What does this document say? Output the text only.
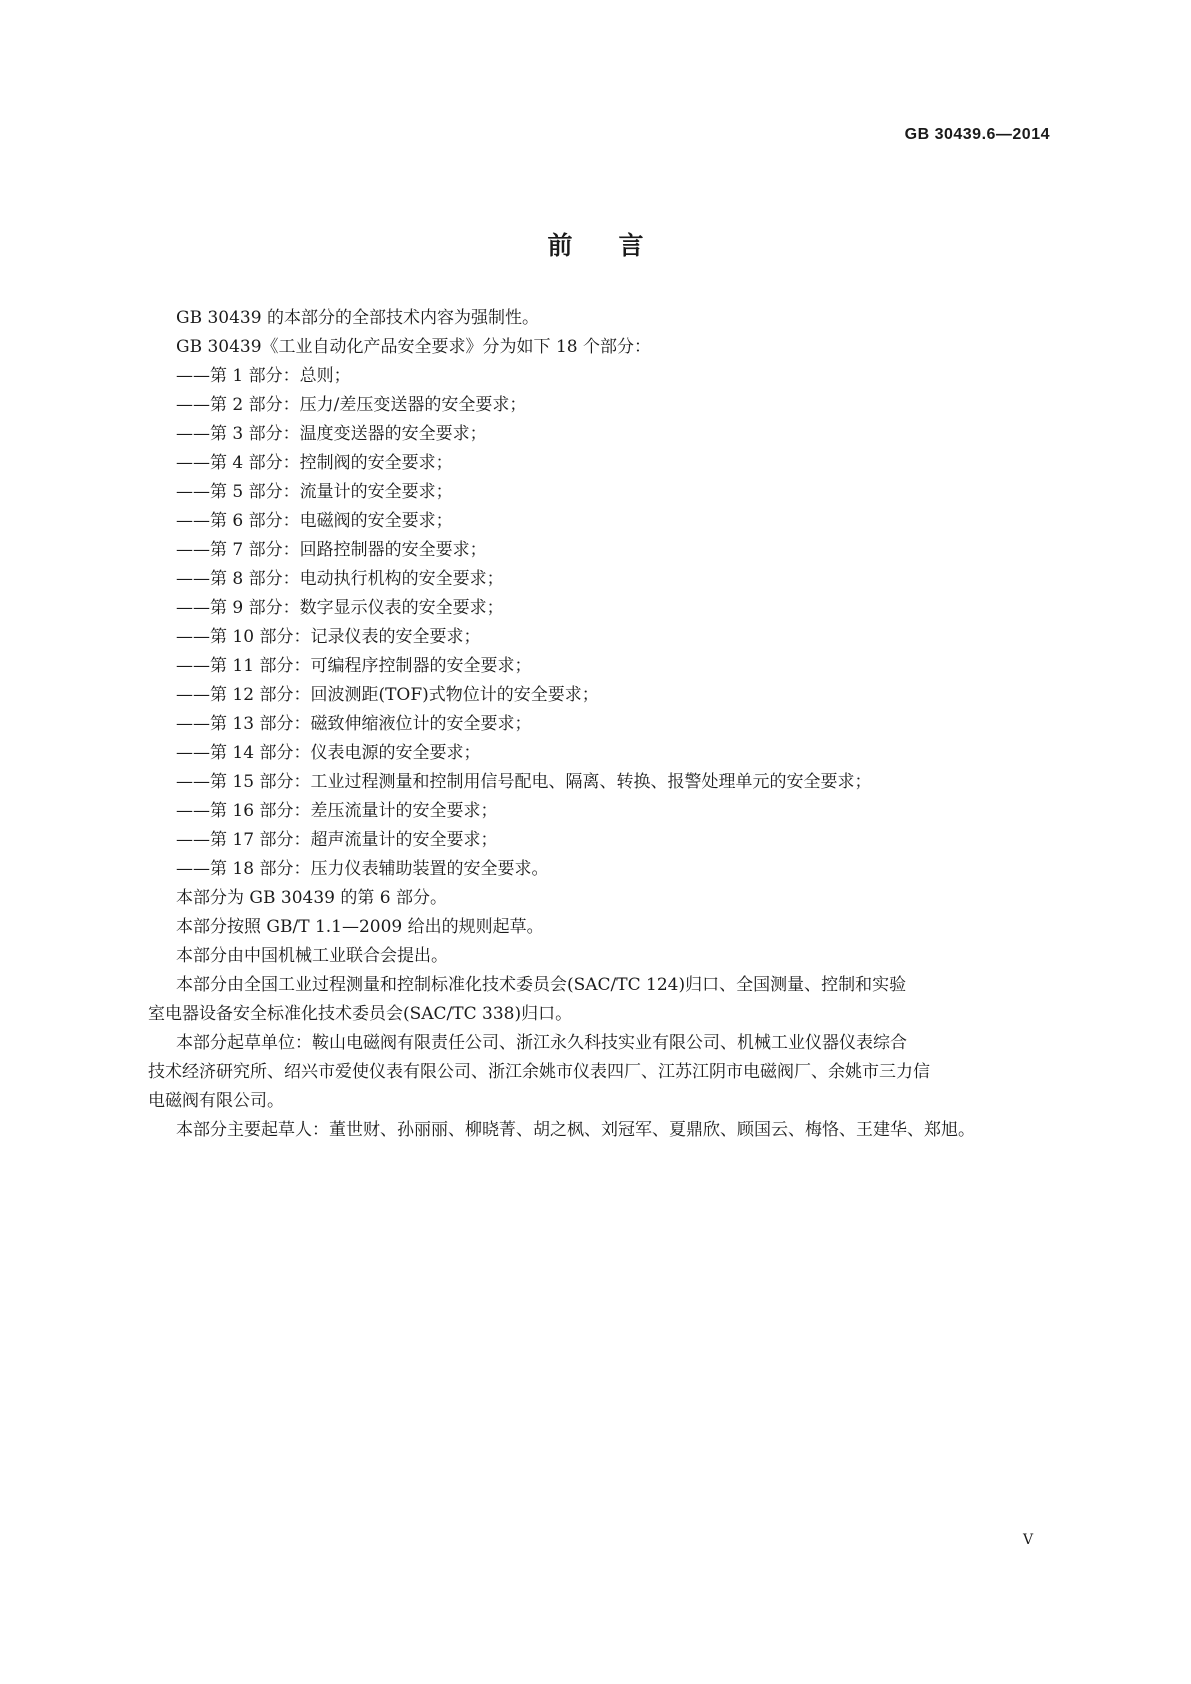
GB 30439.6—2014
前言
GB 30439 的本部分的全部技术内容为强制性。
GB 30439《工业自动化产品安全要求》分为如下 18 个部分：
——第 1 部分：总则；
——第 2 部分：压力/差压变送器的安全要求；
——第 3 部分：温度变送器的安全要求；
——第 4 部分：控制阀的安全要求；
——第 5 部分：流量计的安全要求；
——第 6 部分：电磁阀的安全要求；
——第 7 部分：回路控制器的安全要求；
——第 8 部分：电动执行机构的安全要求；
——第 9 部分：数字显示仪表的安全要求；
——第 10 部分：记录仪表的安全要求；
——第 11 部分：可编程序控制器的安全要求；
——第 12 部分：回波测距(TOF)式物位计的安全要求；
——第 13 部分：磁致伸缩液位计的安全要求；
——第 14 部分：仪表电源的安全要求；
——第 15 部分：工业过程测量和控制用信号配电、隔离、转换、报警处理单元的安全要求；
——第 16 部分：差压流量计的安全要求；
——第 17 部分：超声流量计的安全要求；
——第 18 部分：压力仪表辅助装置的安全要求。
本部分为 GB 30439 的第 6 部分。
本部分按照 GB/T 1.1—2009 给出的规则起草。
本部分由中国机械工业联合会提出。
本部分由全国工业过程测量和控制标准化技术委员会(SAC/TC 124)归口、全国测量、控制和实验
室电器设备安全标准化技术委员会(SAC/TC 338)归口。
本部分起草单位：鞍山电磁阀有限责任公司、浙江永久科技实业有限公司、机械工业仪器仪表综合
技术经济研究所、绍兴市爱使仪表有限公司、浙江余姚市仪表四厂、江苏江阴市电磁阀厂、余姚市三力信
电磁阀有限公司。
本部分主要起草人：董世财、孙丽丽、柳晓菁、胡之枫、刘冠军、夏鼎欣、顾国云、梅恪、王建华、郑旭。
V
